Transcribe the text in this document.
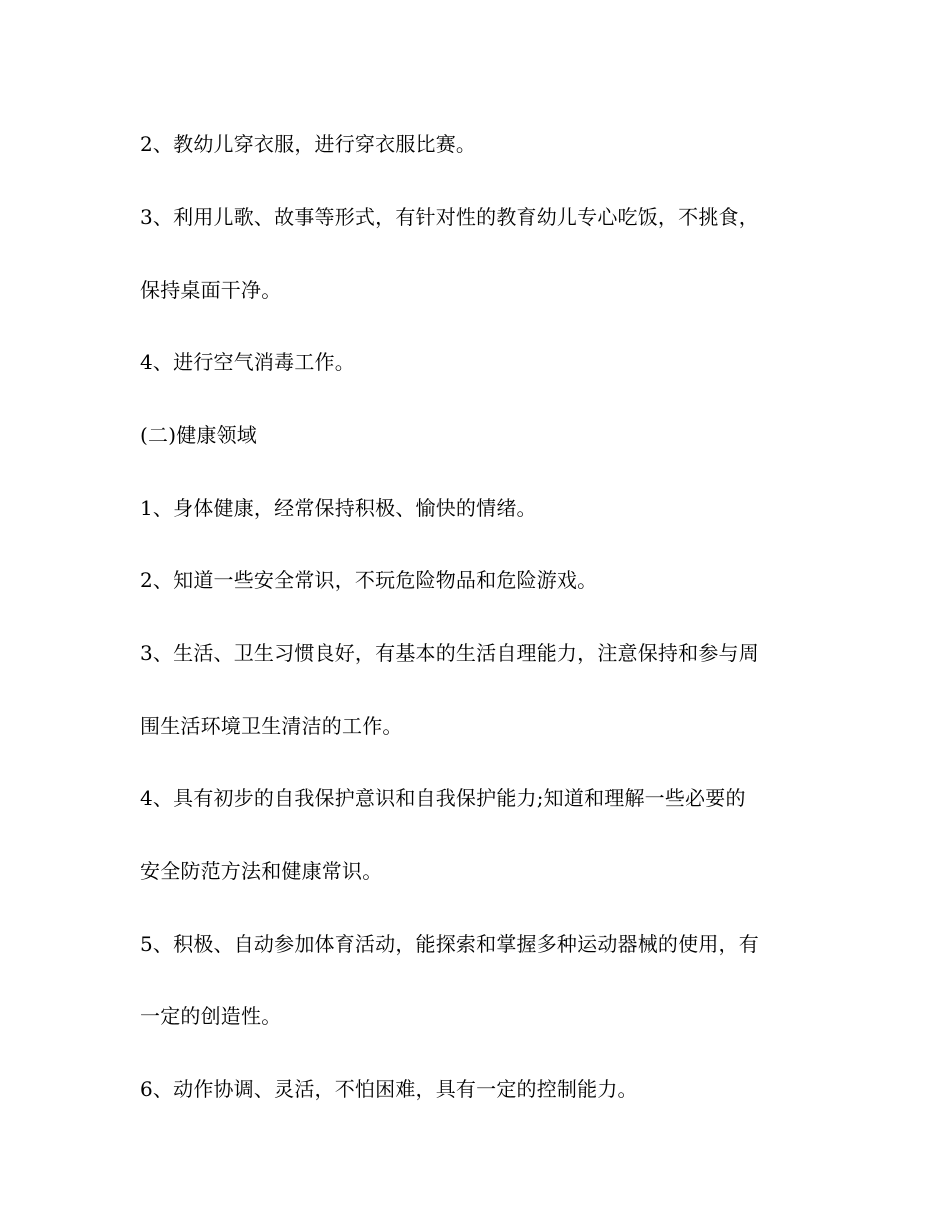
2、教幼儿穿衣服，进行穿衣服比赛。
3、利用儿歌、故事等形式，有针对性的教育幼儿专心吃饭，不挑食，
保持桌面干净。
4、进行空气消毒工作。
(二)健康领域
1、身体健康，经常保持积极、愉快的情绪。
2、知道一些安全常识，不玩危险物品和危险游戏。
3、生活、卫生习惯良好，有基本的生活自理能力，注意保持和参与周
围生活环境卫生清洁的工作。
4、具有初步的自我保护意识和自我保护能力;知道和理解一些必要的
安全防范方法和健康常识。
5、积极、自动参加体育活动，能探索和掌握多种运动器械的使用，有
一定的创造性。
6、动作协调、灵活，不怕困难，具有一定的控制能力。
